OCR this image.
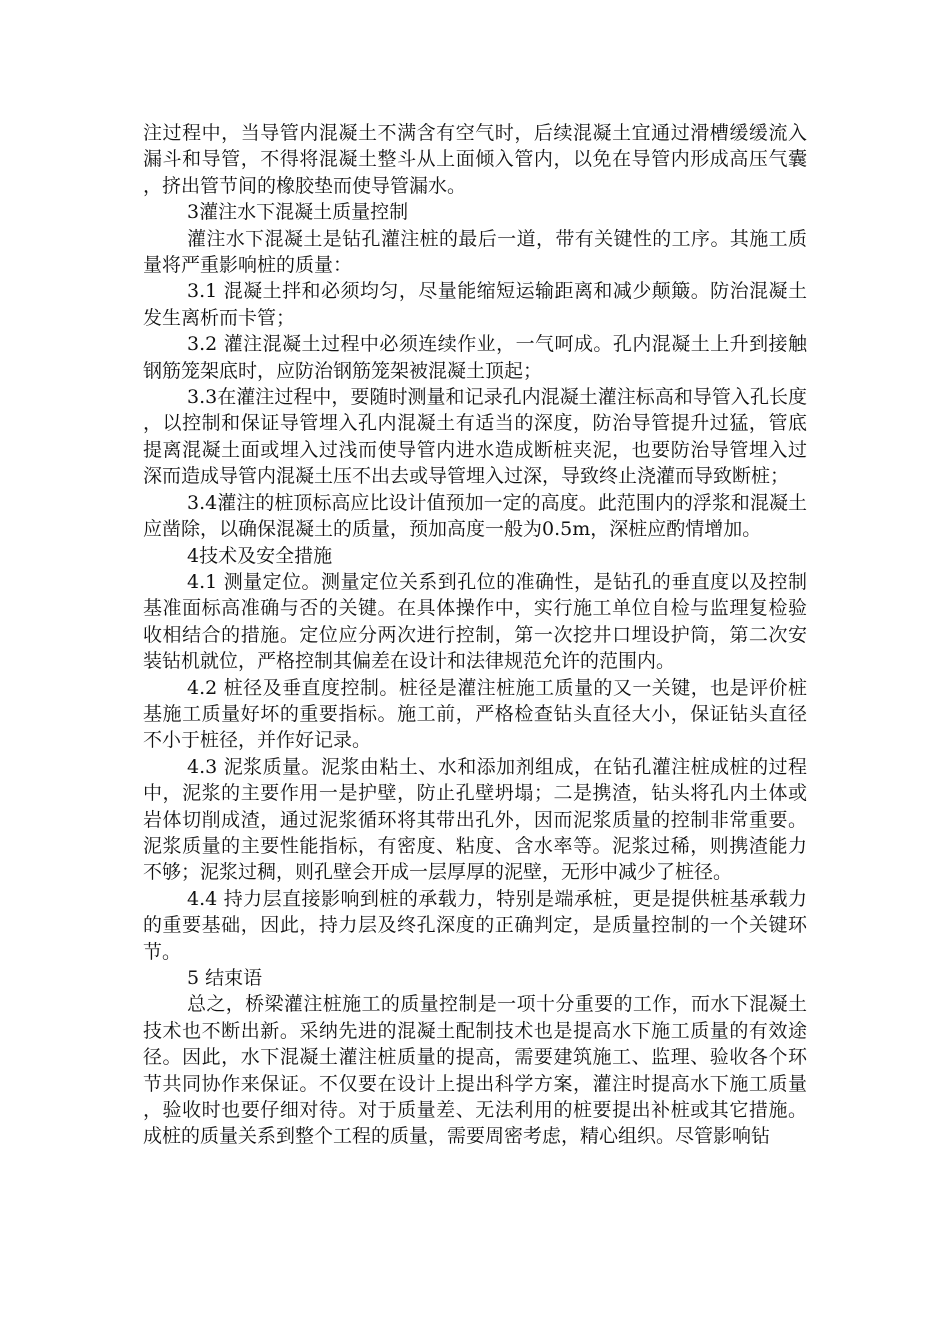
注过程中，当导管内混凝土不满含有空气时，后续混凝土宜通过滑槽缓缓流入漏斗和导管，不得将混凝土整斗从上面倾入管内，以免在导管内形成高压气囊，挤出管节间的橡胶垫而使导管漏水。

3灌注水下混凝土质量控制

灌注水下混凝土是钻孔灌注桩的最后一道，带有关键性的工序。其施工质量将严重影响桩的质量：

3.1 混凝土拌和必须均匀，尽量能缩短运输距离和减少颠簸。防治混凝土发生离析而卡管；

3.2 灌注混凝土过程中必须连续作业，一气呵成。孔内混凝土上升到接触钢筋笼架底时，应防治钢筋笼架被混凝土顶起；

3.3在灌注过程中，要随时测量和记录孔内混凝土灌注标高和导管入孔长度，以控制和保证导管埋入孔内混凝土有适当的深度，防治导管提升过猛，管底提离混凝土面或埋入过浅而使导管内进水造成断桩夹泥，也要防治导管埋入过深而造成导管内混凝土压不出去或导管埋入过深，导致终止浇灌而导致断桩；

3.4灌注的桩顶标高应比设计值预加一定的高度。此范围内的浮浆和混凝土应凿除，以确保混凝土的质量，预加高度一般为0.5m，深桩应酌情增加。

4技术及安全措施

4.1 测量定位。测量定位关系到孔位的准确性，是钻孔的垂直度以及控制基准面标高准确与否的关键。在具体操作中，实行施工单位自检与监理复检验收相结合的措施。定位应分两次进行控制，第一次挖井口埋设护筒，第二次安装钻机就位，严格控制其偏差在设计和法律规范允许的范围内。

4.2 桩径及垂直度控制。桩径是灌注桩施工质量的又一关键，也是评价桩基施工质量好坏的重要指标。施工前，严格检查钻头直径大小，保证钻头直径不小于桩径，并作好记录。

4.3 泥浆质量。泥浆由粘土、水和添加剂组成，在钻孔灌注桩成桩的过程中，泥浆的主要作用一是护壁，防止孔壁坍塌；二是携渣，钻头将孔内土体或岩体切削成渣，通过泥浆循环将其带出孔外，因而泥浆质量的控制非常重要。泥浆质量的主要性能指标，有密度、粘度、含水率等。泥浆过稀，则携渣能力不够；泥浆过稠，则孔壁会开成一层厚厚的泥壁，无形中减少了桩径。

4.4 持力层直接影响到桩的承载力，特别是端承桩，更是提供桩基承载力的重要基础，因此，持力层及终孔深度的正确判定，是质量控制的一个关键环节。

5 结束语

总之，桥梁灌注桩施工的质量控制是一项十分重要的工作，而水下混凝土技术也不断出新。采纳先进的混凝土配制技术也是提高水下施工质量的有效途径。因此，水下混凝土灌注桩质量的提高，需要建筑施工、监理、验收各个环节共同协作来保证。不仅要在设计上提出科学方案，灌注时提高水下施工质量，验收时也要仔细对待。对于质量差、无法利用的桩要提出补桩或其它措施。成桩的质量关系到整个工程的质量，需要周密考虑，精心组织。尽管影响钻
